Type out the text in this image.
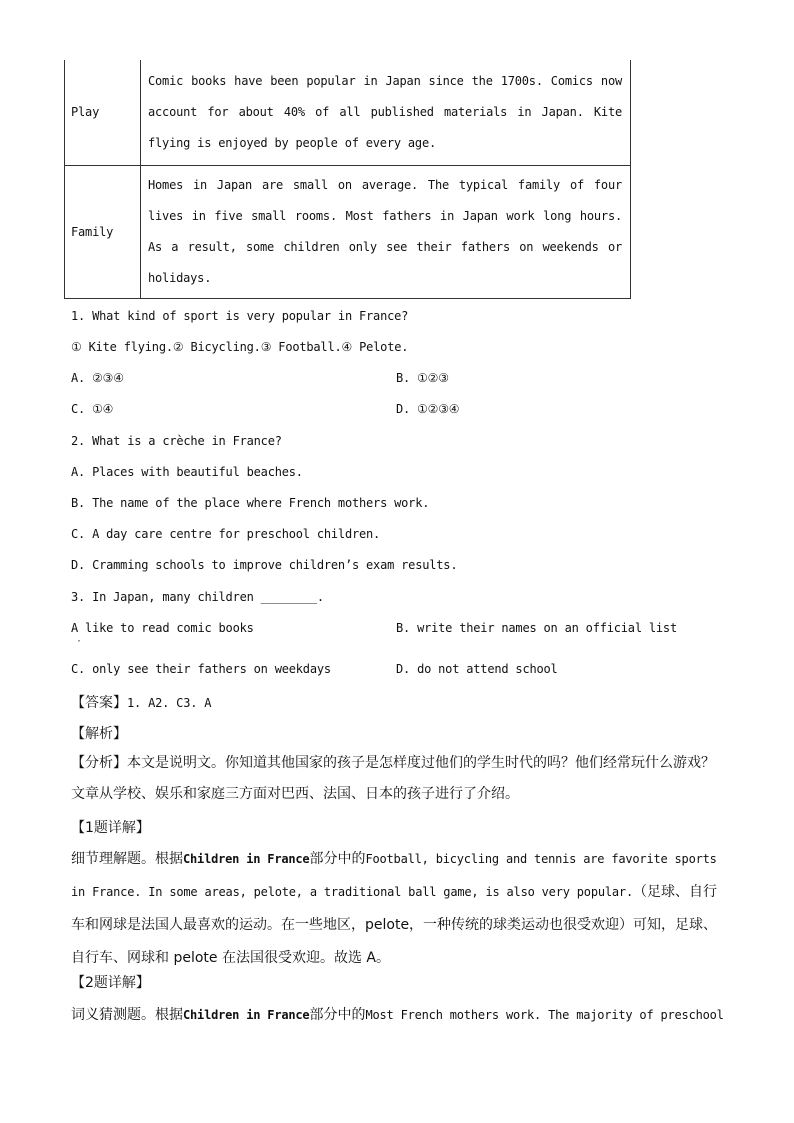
Play	Comic books have been popular in Japan since the 1700s. Comics now account for about 40% of all published materials in Japan. Kite flying is enjoyed by people of every age.
Family	Homes in Japan are small on average. The typical family of four lives in five small rooms. Most fathers in Japan work long hours. As a result, some children only see their fathers on weekends or holidays.
1. What kind of sport is very popular in France?
① Kite flying.② Bicycling.③ Football.④ Pelote.
A. ②③④	B. ①②③
C. ①④	D. ①②③④
2. What is a crèche in France?
A. Places with beautiful beaches.
B. The name of the place where French mothers work.
C. A day care centre for preschool children.
D. Cramming schools to improve children’s exam results.
3. In Japan, many children ________.
A like to read comic books
·
B. write their names on an official list
C. only see their fathers on weekdays	D. do not attend school
【答案】1. A2. C3. A
【解析】
【分析】本文是说明文。你知道其他国家的孩子是怎样度过他们的学生时代的吗？他们经常玩什么游戏？文章从学校、娱乐和家庭三方面对巴西、法国、日本的孩子进行了介绍。
【1题详解】
细节理解题。根据Children in France部分中的Football, bicycling and tennis are favorite sports in France. In some areas, pelote, a traditional ball game, is also very popular.（足球、自行车和网球是法国人最喜欢的运动。在一些地区，pelote，一种传统的球类运动也很受欢迎）可知，足球、自行车、网球和 pelote 在法国很受欢迎。故选 A。
【2题详解】
词义猜测题。根据Children in France部分中的Most French mothers work. The majority of preschool
